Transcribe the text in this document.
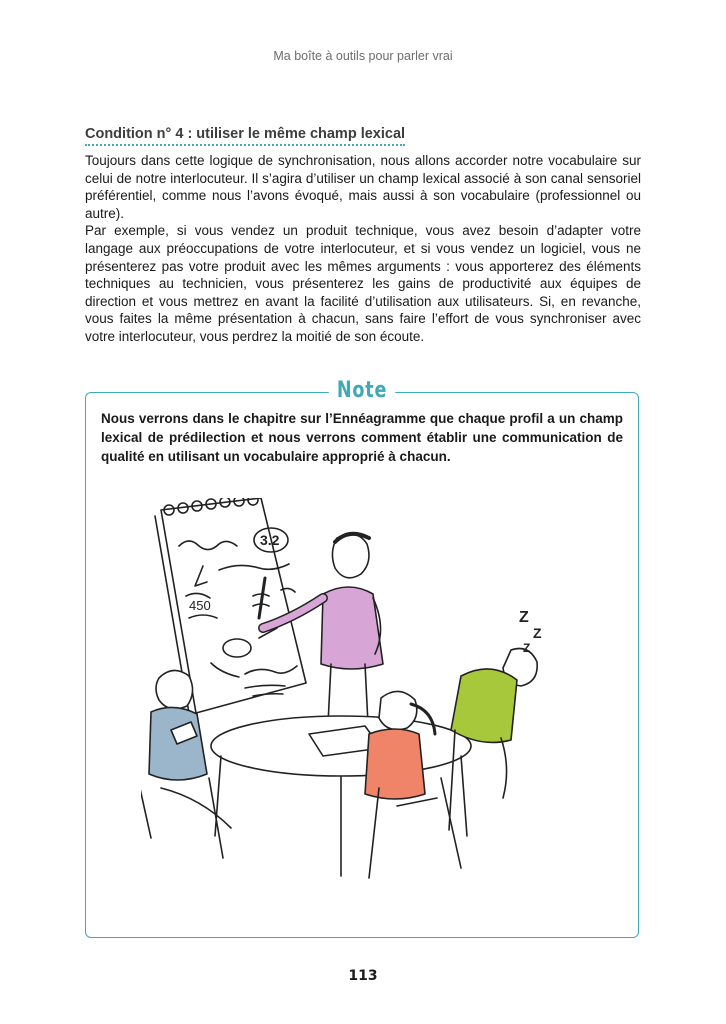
Ma boîte à outils pour parler vrai
Condition n° 4 : utiliser le même champ lexical

Toujours dans cette logique de synchronisation, nous allons accorder notre vocabulaire sur celui de notre interlocuteur. Il s’agira d’utiliser un champ lexical associé à son canal sensoriel préférentiel, comme nous l’avons évoqué, mais aussi à son vocabulaire (professionnel ou autre).

Par exemple, si vous vendez un produit technique, vous avez besoin d’adapter votre langage aux préoccupations de votre interlocuteur, et si vous vendez un logiciel, vous ne présenterez pas votre produit avec les mêmes arguments : vous apporterez des éléments techniques au technicien, vous présenterez les gains de productivité aux équipes de direction et vous mettrez en avant la facilité d’utilisation aux utilisateurs. Si, en revanche, vous faites la même présentation à chacun, sans faire l’effort de vous synchroniser avec votre interlocuteur, vous perdrez la moitié de son écoute.

Note

Nous verrons dans le chapitre sur l’Ennéagramme que chaque profil a un champ lexical de prédilection et nous verrons comment établir une communication de qualité en utilisant un vocabulaire approprié à chacun.

3.2
450
Z
Z
Z
113
